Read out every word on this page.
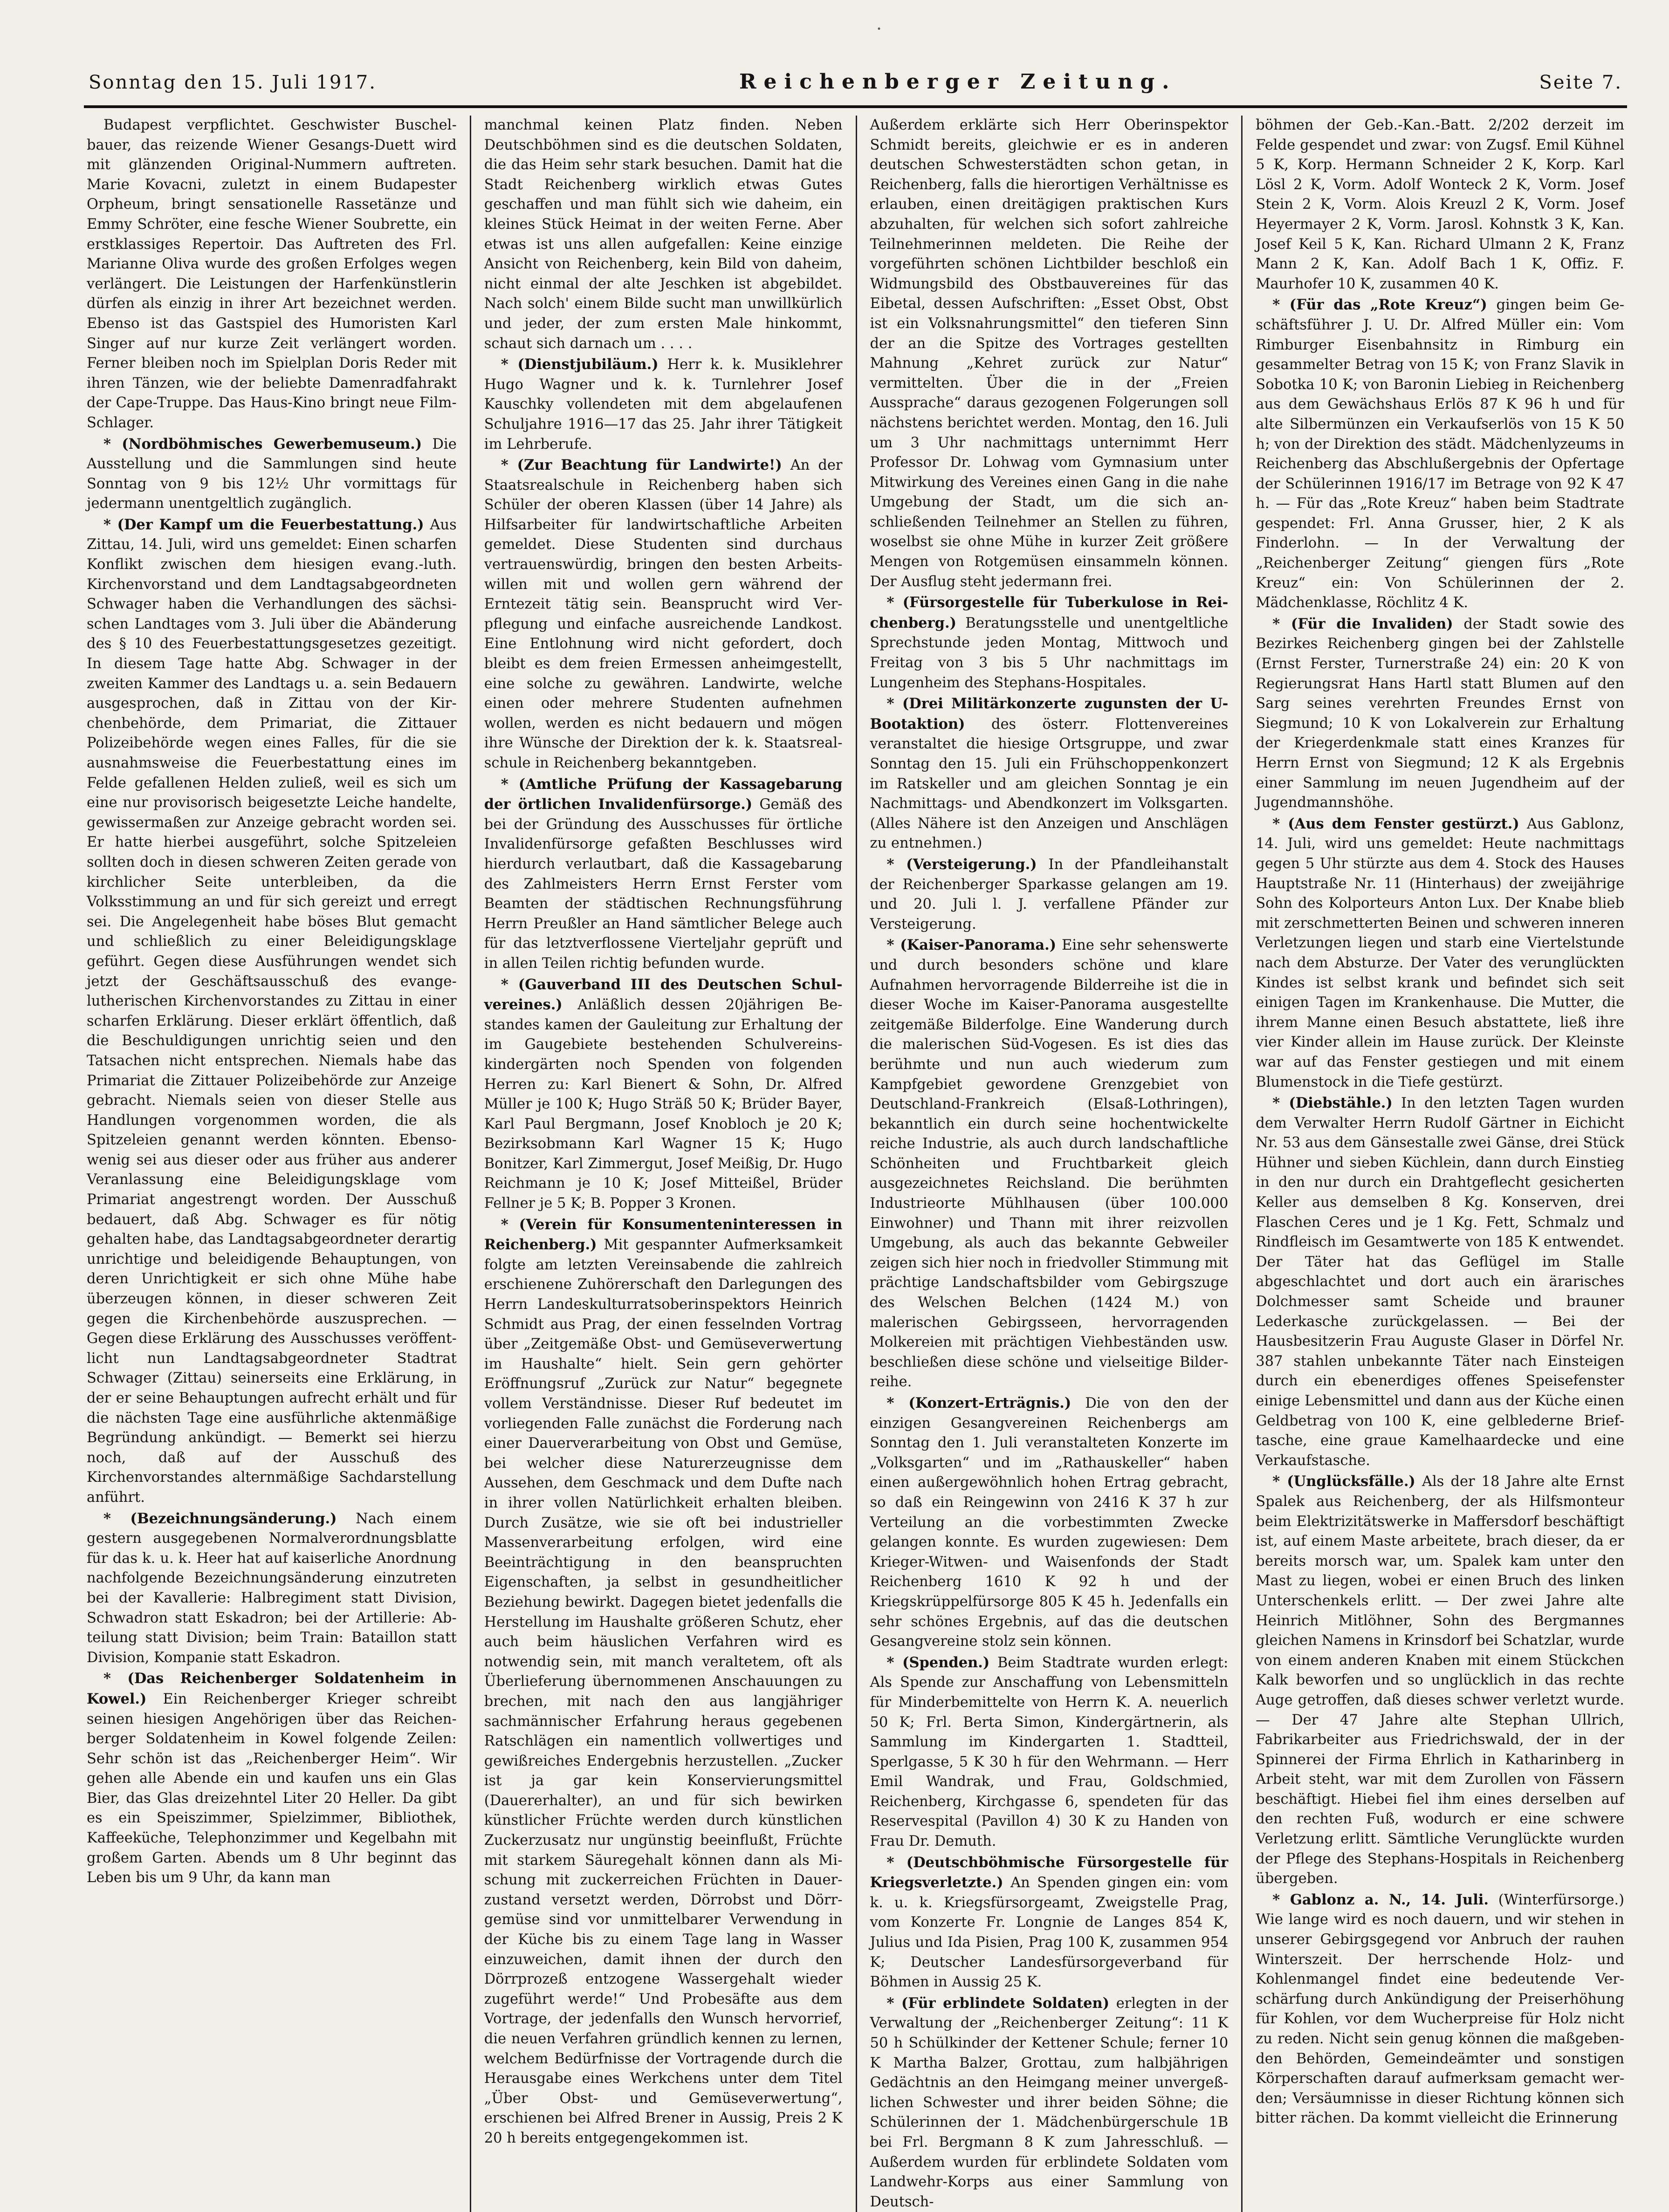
·
Sonntag den 15. Juli 1917.	Reichenberger Zeitung.	Seite 7.

Budapest verpflichtet. Geschwister Buschelbauer, das reizende Wiener Gesangs-Duett wird mit glänzenden Original-Nummern auftreten. Marie Kovacni, zuletzt in einem Budapester Orpheum, bringt sensationelle Rassetänze und Emmy Schröter, eine fesche Wiener Soubrette, ein erstklassiges Repertoir. Das Auftreten des Frl. Marianne Oliva wurde des großen Erfolges wegen verlängert. Die Leistungen der Harfenkünstlerin dürfen als einzig in ihrer Art bezeichnet werden. Ebenso ist das Gastspiel des Humoristen Karl Singer auf nur kurze Zeit verlängert worden. Ferner bleiben noch im Spielplan Doris Reder mit ihren Tänzen, wie der beliebte Damenradfahrakt der Cape-Truppe. Das Haus-Kino bringt neue Film-Schlager.

* (Nordböhmisches Gewerbemuseum.) Die Ausstellung und die Sammlungen sind heute Sonntag von 9 bis 12½ Uhr vormittags für jedermann unentgeltlich zugänglich.

* (Der Kampf um die Feuerbestattung.) Aus Zittau, 14. Juli, wird uns gemeldet: Einen scharfen Konflikt zwischen dem hiesigen evang.-luth. Kirchenvorstand und dem Landtagsabgeordneten Schwager haben die Verhandlungen des sächsischen Landtages vom 3. Juli über die Abänderung des § 10 des Feuerbestattungsgesetzes gezeitigt. In diesem Tage hatte Abg. Schwager in der zweiten Kammer des Landtags u. a. sein Bedauern ausgesprochen, daß in Zittau von der Kirchenbehörde, dem Primariat, die Zittauer Polizeibehörde wegen eines Falles, für die sie ausnahmsweise die Feuerbestattung eines im Felde gefallenen Helden zuließ, weil es sich um eine nur provisorisch beigesetzte Leiche handelte, gewissermaßen zur Anzeige gebracht worden sei. Er hatte hierbei ausgeführt, solche Spitzeleien sollten doch in diesen schweren Zeiten gerade von kirchlicher Seite unterbleiben, da die Volksstimmung an und für sich gereizt und erregt sei. Die Angelegenheit habe böses Blut gemacht und schließlich zu einer Beleidigungsklage geführt. Gegen diese Ausführungen wendet sich jetzt der Geschäftsausschuß des evangelutherischen Kirchenvorstandes zu Zittau in einer scharfen Erklärung. Dieser erklärt öffentlich, daß die Beschuldigungen unrichtig seien und den Tatsachen nicht entsprechen. Niemals habe das Primariat die Zittauer Polizeibehörde zur Anzeige gebracht. Niemals seien von dieser Stelle aus Handlungen vorgenommen worden, die als Spitzeleien genannt werden könnten. Ebensowenig sei aus dieser oder aus früher aus anderer Veranlassung eine Beleidigungsklage vom Primariat angestrengt worden. Der Ausschuß bedauert, daß Abg. Schwager es für nötig gehalten habe, das Landtagsabgeordneter derartig unrichtige und beleidigende Behauptungen, von deren Unrichtigkeit er sich ohne Mühe habe überzeugen können, in dieser schweren Zeit gegen die Kirchenbehörde auszusprechen. — Gegen diese Erklärung des Ausschusses veröffentlicht nun Landtagsabgeordneter Stadtrat Schwager (Zittau) seinerseits eine Erklärung, in der er seine Behauptungen aufrecht erhält und für die nächsten Tage eine ausführliche aktenmäßige Begründung ankündigt. — Bemerkt sei hierzu noch, daß auf der Ausschuß des Kirchenvorstandes alternmäßige Sachdarstellung anführt.

* (Bezeichnungsänderung.) Nach einem gestern ausgegebenen Normalverordnungsblatte für das k. u. k. Heer hat auf kaiserliche Anordnung nachfolgende Bezeichnungsänderung einzutreten bei der Kavallerie: Halbregiment statt Division, Schwadron statt Eskadron; bei der Artillerie: Abteilung statt Division; beim Train: Bataillon statt Division, Kompanie statt Eskadron.

* (Das Reichenberger Soldatenheim in Kowel.) Ein Reichenberger Krieger schreibt seinen hiesigen Angehörigen über das Reichenberger Soldatenheim in Kowel folgende Zeilen: Sehr schön ist das „Reichenberger Heim“. Wir gehen alle Abende ein und kaufen uns ein Glas Bier, das Glas dreizehntel Liter 20 Heller. Da gibt es ein Speiszimmer, Spielzimmer, Bibliothek, Kaffeeküche, Telephonzimmer und Kegelbahn mit großem Garten. Abends um 8 Uhr beginnt das Leben bis um 9 Uhr, da kann man

manchmal keinen Platz finden. Neben Deutschböhmen sind es die deutschen Soldaten, die das Heim sehr stark besuchen. Damit hat die Stadt Reichenberg wirklich etwas Gutes geschaffen und man fühlt sich wie daheim, ein kleines Stück Heimat in der weiten Ferne. Aber etwas ist uns allen aufgefallen: Keine einzige Ansicht von Reichenberg, kein Bild von daheim, nicht einmal der alte Jeschken ist abgebildet. Nach solch' einem Bilde sucht man unwillkürlich und jeder, der zum ersten Male hinkommt, schaut sich darnach um . . . .

* (Dienstjubiläum.) Herr k. k. Musiklehrer Hugo Wagner und k. k. Turnlehrer Josef Kauschky vollendeten mit dem abgelaufenen Schuljahre 1916—17 das 25. Jahr ihrer Tätigkeit im Lehrberufe.

* (Zur Beachtung für Landwirte!) An der Staatsrealschule in Reichenberg haben sich Schüler der oberen Klassen (über 14 Jahre) als Hilfsarbeiter für landwirtschaftliche Arbeiten gemeldet. Diese Studenten sind durchaus vertrauenswürdig, bringen den besten Arbeitswillen mit und wollen gern während der Erntezeit tätig sein. Beansprucht wird Verpflegung und einfache ausreichende Landkost. Eine Entlohnung wird nicht gefordert, doch bleibt es dem freien Ermessen anheimgestellt, eine solche zu gewähren. Landwirte, welche einen oder mehrere Studenten aufnehmen wollen, werden es nicht bedauern und mögen ihre Wünsche der Direktion der k. k. Staatsrealschule in Reichenberg bekanntgeben.

* (Amtliche Prüfung der Kassagebarung der örtlichen Invalidenfürsorge.) Gemäß des bei der Gründung des Ausschusses für örtliche Invalidenfürsorge gefaßten Beschlusses wird hierdurch verlautbart, daß die Kassagebarung des Zahlmeisters Herrn Ernst Ferster vom Beamten der städtischen Rechnungsführung Herrn Preußler an Hand sämtlicher Belege auch für das letztverflossene Vierteljahr geprüft und in allen Teilen richtig befunden wurde.

* (Gauverband III des Deutschen Schulvereines.) Anläßlich dessen 20jährigen Bestandes kamen der Gauleitung zur Erhaltung der im Gaugebiete bestehenden Schulvereinskindergärten noch Spenden von folgenden Herren zu: Karl Bienert & Sohn, Dr. Alfred Müller je 100 K; Hugo Sträß 50 K; Brüder Bayer, Karl Paul Bergmann, Josef Knobloch je 20 K; Bezirksobmann Karl Wagner 15 K; Hugo Bonitzer, Karl Zimmergut, Josef Meißig, Dr. Hugo Reichmann je 10 K; Josef Mitteißel, Brüder Fellner je 5 K; B. Popper 3 Kronen.

* (Verein für Konsumenteninteressen in Reichenberg.) Mit gespannter Aufmerksamkeit folgte am letzten Vereinsabende die zahlreich erschienene Zuhörerschaft den Darlegungen des Herrn Landeskulturratsoberinspektors Heinrich Schmidt aus Prag, der einen fesselnden Vortrag über „Zeitgemäße Obst- und Gemüseverwertung im Haushalte“ hielt. Sein gern gehörter Eröffnungsruf „Zurück zur Natur“ begegnete vollem Verständnisse. Dieser Ruf bedeutet im vorliegenden Falle zunächst die Forderung nach einer Dauerverarbeitung von Obst und Gemüse, bei welcher diese Naturerzeugnisse dem Aussehen, dem Geschmack und dem Dufte nach in ihrer vollen Natürlichkeit erhalten bleiben. Durch Zusätze, wie sie oft bei industrieller Massenverarbeitung erfolgen, wird eine Beeinträchtigung in den beanspruchten Eigenschaften, ja selbst in gesundheitlicher Beziehung bewirkt. Dagegen bietet jedenfalls die Herstellung im Haushalte größeren Schutz, eher auch beim häuslichen Verfahren wird es notwendig sein, mit manch veraltetem, oft als Überlieferung übernommenen Anschauungen zu brechen, mit nach den aus langjähriger sachmännischer Erfahrung heraus gegebenen Ratschlägen ein namentlich vollwertiges und gewißreiches Endergebnis herzustellen. „Zucker ist ja gar kein Konservierungsmittel (Dauererhalter), an und für sich bewirken künstlicher Früchte werden durch künstlichen Zuckerzusatz nur ungünstig beeinflußt, Früchte mit starkem Säuregehalt können dann als Mischung mit zuckerreichen Früchten in Dauerzustand versetzt werden, Dörrobst und Dörrgemüse sind vor unmittelbarer Verwendung in der Küche bis zu einem Tage lang in Wasser einzuweichen, damit ihnen der durch den Dörrprozeß entzogene Wassergehalt wieder zugeführt werde!“ Und Probesäfte aus dem Vortrage, der jedenfalls den Wunsch hervorrief, die neuen Verfahren gründlich kennen zu lernen, welchem Bedürfnisse der Vortragende durch die Herausgabe eines Werkchens unter dem Titel „Über Obst- und Gemüseverwertung“, erschienen bei Alfred Brener in Aussig, Preis 2 K 20 h bereits entgegengekommen ist.

Außerdem erklärte sich Herr Oberinspektor Schmidt bereits, gleichwie er es in anderen deutschen Schwesterstädten schon getan, in Reichenberg, falls die hierortigen Verhältnisse es erlauben, einen dreitägigen praktischen Kurs abzuhalten, für welchen sich sofort zahlreiche Teilnehmerinnen meldeten. Die Reihe der vorgeführten schönen Lichtbilder beschloß ein Widmungsbild des Obstbauvereines für das Eibetal, dessen Aufschriften: „Esset Obst, Obst ist ein Volksnahrungsmittel“ den tieferen Sinn der an die Spitze des Vortrages gestellten Mahnung „Kehret zurück zur Natur“ vermittelten. Über die in der „Freien Aussprache“ daraus gezogenen Folgerungen soll nächstens berichtet werden. Montag, den 16. Juli um 3 Uhr nachmittags unternimmt Herr Professor Dr. Lohwag vom Gymnasium unter Mitwirkung des Vereines einen Gang in die nahe Umgebung der Stadt, um die sich anschließenden Teilnehmer an Stellen zu führen, woselbst sie ohne Mühe in kurzer Zeit größere Mengen von Rotgemüsen einsammeln können. Der Ausflug steht jedermann frei.

* (Fürsorgestelle für Tuberkulose in Reichenberg.) Beratungsstelle und unentgeltliche Sprechstunde jeden Montag, Mittwoch und Freitag von 3 bis 5 Uhr nachmittags im Lungenheim des Stephans-Hospitales.

* (Drei Militärkonzerte zugunsten der U-Bootaktion) des österr. Flottenvereines veranstaltet die hiesige Ortsgruppe, und zwar Sonntag den 15. Juli ein Frühschoppenkonzert im Ratskeller und am gleichen Sonntag je ein Nachmittags- und Abendkonzert im Volksgarten. (Alles Nähere ist den Anzeigen und Anschlägen zu entnehmen.)

* (Versteigerung.) In der Pfandleihanstalt der Reichenberger Sparkasse gelangen am 19. und 20. Juli l. J. verfallene Pfänder zur Versteigerung.

* (Kaiser-Panorama.) Eine sehr sehenswerte und durch besonders schöne und klare Aufnahmen hervorragende Bilderreihe ist die in dieser Woche im Kaiser-Panorama ausgestellte zeitgemäße Bilderfolge. Eine Wanderung durch die malerischen Süd-Vogesen. Es ist dies das berühmte und nun auch wiederum zum Kampfgebiet gewordene Grenzgebiet von Deutschland-Frankreich (Elsaß-Lothringen), bekanntlich ein durch seine hochentwickelte reiche Industrie, als auch durch landschaftliche Schönheiten und Fruchtbarkeit gleich ausgezeichnetes Reichsland. Die berühmten Industrieorte Mühlhausen (über 100.000 Einwohner) und Thann mit ihrer reizvollen Umgebung, als auch das bekannte Gebweiler zeigen sich hier noch in friedvoller Stimmung mit prächtige Landschaftsbilder vom Gebirgszuge des Welschen Belchen (1424 M.) von malerischen Gebirgsseen, hervorragenden Molkereien mit prächtigen Viehbeständen usw. beschließen diese schöne und vielseitige Bilderreihe.

* (Konzert-Erträgnis.) Die von den der einzigen Gesangvereinen Reichenbergs am Sonntag den 1. Juli veranstalteten Konzerte im „Volksgarten“ und im „Rathauskeller“ haben einen außergewöhnlich hohen Ertrag gebracht, so daß ein Reingewinn von 2416 K 37 h zur Verteilung an die vorbestimmten Zwecke gelangen konnte. Es wurden zugewiesen: Dem Krieger-Witwen- und Waisenfonds der Stadt Reichenberg 1610 K 92 h und der Kriegskrüppelfürsorge 805 K 45 h. Jedenfalls ein sehr schönes Ergebnis, auf das die deutschen Gesangvereine stolz sein können.

* (Spenden.) Beim Stadtrate wurden erlegt: Als Spende zur Anschaffung von Lebensmitteln für Minderbemittelte von Herrn K. A. neuerlich 50 K; Frl. Berta Simon, Kindergärtnerin, als Sammlung im Kindergarten 1. Stadtteil, Sperlgasse, 5 K 30 h für den Wehrmann. — Herr Emil Wandrak, und Frau, Goldschmied, Reichenberg, Kirchgasse 6, spendeten für das Reservespital (Pavillon 4) 30 K zu Handen von Frau Dr. Demuth.

* (Deutschböhmische Fürsorgestelle für Kriegsverletzte.) An Spenden gingen ein: vom k. u. k. Kriegsfürsorgeamt, Zweigstelle Prag, vom Konzerte Fr. Longnie de Langes 854 K, Julius und Ida Pisien, Prag 100 K, zusammen 954 K; Deutscher Landesfürsorgeverband für Böhmen in Aussig 25 K.

* (Für erblindete Soldaten) erlegten in der Verwaltung der „Reichenberger Zeitung“: 11 K 50 h Schülkinder der Kettener Schule; ferner 10 K Martha Balzer, Grottau, zum halbjährigen Gedächtnis an den Heimgang meiner unvergeßlichen Schwester und ihrer beiden Söhne; die Schülerinnen der 1. Mädchenbürgerschule 1B bei Frl. Bergmann 8 K zum Jahresschluß. — Außerdem wurden für erblindete Soldaten vom Landwehr-Korps aus einer Sammlung von Deutsch-

böhmen der Geb.-Kan.-Batt. 2/202 derzeit im Felde gespendet und zwar: von Zugsf. Emil Kühnel 5 K, Korp. Hermann Schneider 2 K, Korp. Karl Lösl 2 K, Vorm. Adolf Wonteck 2 K, Vorm. Josef Stein 2 K, Vorm. Alois Kreuzl 2 K, Vorm. Josef Heyermayer 2 K, Vorm. Jarosl. Kohnstk 3 K, Kan. Josef Keil 5 K, Kan. Richard Ulmann 2 K, Franz Mann 2 K, Kan. Adolf Bach 1 K, Offiz. F. Maurhofer 10 K, zusammen 40 K.

* (Für das „Rote Kreuz“) gingen beim Geschäftsführer J. U. Dr. Alfred Müller ein: Vom Rimburger Eisenbahnsitz in Rimburg ein gesammelter Betrag von 15 K; von Franz Slavik in Sobotka 10 K; von Baronin Liebieg in Reichenberg aus dem Gewächshaus Erlös 87 K 96 h und für alte Silbermünzen ein Verkaufserlös von 15 K 50 h; von der Direktion des städt. Mädchenlyzeums in Reichenberg das Abschlußergebnis der Opfertage der Schülerinnen 1916/17 im Betrage von 92 K 47 h. — Für das „Rote Kreuz“ haben beim Stadtrate gespendet: Frl. Anna Grusser, hier, 2 K als Finderlohn. — In der Verwaltung der „Reichenberger Zeitung“ giengen fürs „Rote Kreuz“ ein: Von Schülerinnen der 2. Mädchenklasse, Röchlitz 4 K.

* (Für die Invaliden) der Stadt sowie des Bezirkes Reichenberg gingen bei der Zahlstelle (Ernst Ferster, Turnerstraße 24) ein: 20 K von Regierungsrat Hans Hartl statt Blumen auf den Sarg seines verehrten Freundes Ernst von Siegmund; 10 K von Lokalverein zur Erhaltung der Kriegerdenkmale statt eines Kranzes für Herrn Ernst von Siegmund; 12 K als Ergebnis einer Sammlung im neuen Jugendheim auf der Jugendmannshöhe.

* (Aus dem Fenster gestürzt.) Aus Gablonz, 14. Juli, wird uns gemeldet: Heute nachmittags gegen 5 Uhr stürzte aus dem 4. Stock des Hauses Hauptstraße Nr. 11 (Hinterhaus) der zweijährige Sohn des Kolporteurs Anton Lux. Der Knabe blieb mit zerschmetterten Beinen und schweren inneren Verletzungen liegen und starb eine Viertelstunde nach dem Absturze. Der Vater des verunglückten Kindes ist selbst krank und befindet sich seit einigen Tagen im Krankenhause. Die Mutter, die ihrem Manne einen Besuch abstattete, ließ ihre vier Kinder allein im Hause zurück. Der Kleinste war auf das Fenster gestiegen und mit einem Blumenstock in die Tiefe gestürzt.

* (Diebstähle.) In den letzten Tagen wurden dem Verwalter Herrn Rudolf Gärtner in Eichicht Nr. 53 aus dem Gänsestalle zwei Gänse, drei Stück Hühner und sieben Küchlein, dann durch Einstieg in den nur durch ein Drahtgeflecht gesicherten Keller aus demselben 8 Kg. Konserven, drei Flaschen Ceres und je 1 Kg. Fett, Schmalz und Rindfleisch im Gesamtwerte von 185 K entwendet. Der Täter hat das Geflügel im Stalle abgeschlachtet und dort auch ein ärarisches Dolchmesser samt Scheide und brauner Lederkasche zurückgelassen. — Bei der Hausbesitzerin Frau Auguste Glaser in Dörfel Nr. 387 stahlen unbekannte Täter nach Einsteigen durch ein ebenerdiges offenes Speisefenster einige Lebensmittel und dann aus der Küche einen Geldbetrag von 100 K, eine gelblederne Brieftasche, eine graue Kamelhaardecke und eine Verkaufstasche.

* (Unglücksfälle.) Als der 18 Jahre alte Ernst Spalek aus Reichenberg, der als Hilfsmonteur beim Elektrizitätswerke in Maffersdorf beschäftigt ist, auf einem Maste arbeitete, brach dieser, da er bereits morsch war, um. Spalek kam unter den Mast zu liegen, wobei er einen Bruch des linken Unterschenkels erlitt. — Der zwei Jahre alte Heinrich Mitlöhner, Sohn des Bergmannes gleichen Namens in Krinsdorf bei Schatzlar, wurde von einem anderen Knaben mit einem Stückchen Kalk beworfen und so unglücklich in das rechte Auge getroffen, daß dieses schwer verletzt wurde. — Der 47 Jahre alte Stephan Ullrich, Fabrikarbeiter aus Friedrichswald, der in der Spinnerei der Firma Ehrlich in Katharinberg in Arbeit steht, war mit dem Zurollen von Fässern beschäftigt. Hiebei fiel ihm eines derselben auf den rechten Fuß, wodurch er eine schwere Verletzung erlitt. Sämtliche Verunglückte wurden der Pflege des Stephans-Hospitals in Reichenberg übergeben.

* Gablonz a. N., 14. Juli. (Winterfürsorge.) Wie lange wird es noch dauern, und wir stehen in unserer Gebirgsgegend vor Anbruch der rauhen Winterszeit. Der herrschende Holz- und Kohlenmangel findet eine bedeutende Verschärfung durch Ankündigung der Preiserhöhung für Kohlen, vor dem Wucherpreise für Holz nicht zu reden. Nicht sein genug können die maßgebenden Behörden, Gemeindeämter und sonstigen Körperschaften darauf aufmerksam gemacht werden; Versäumnisse in dieser Richtung können sich bitter rächen. Da kommt vielleicht die Erinnerung
